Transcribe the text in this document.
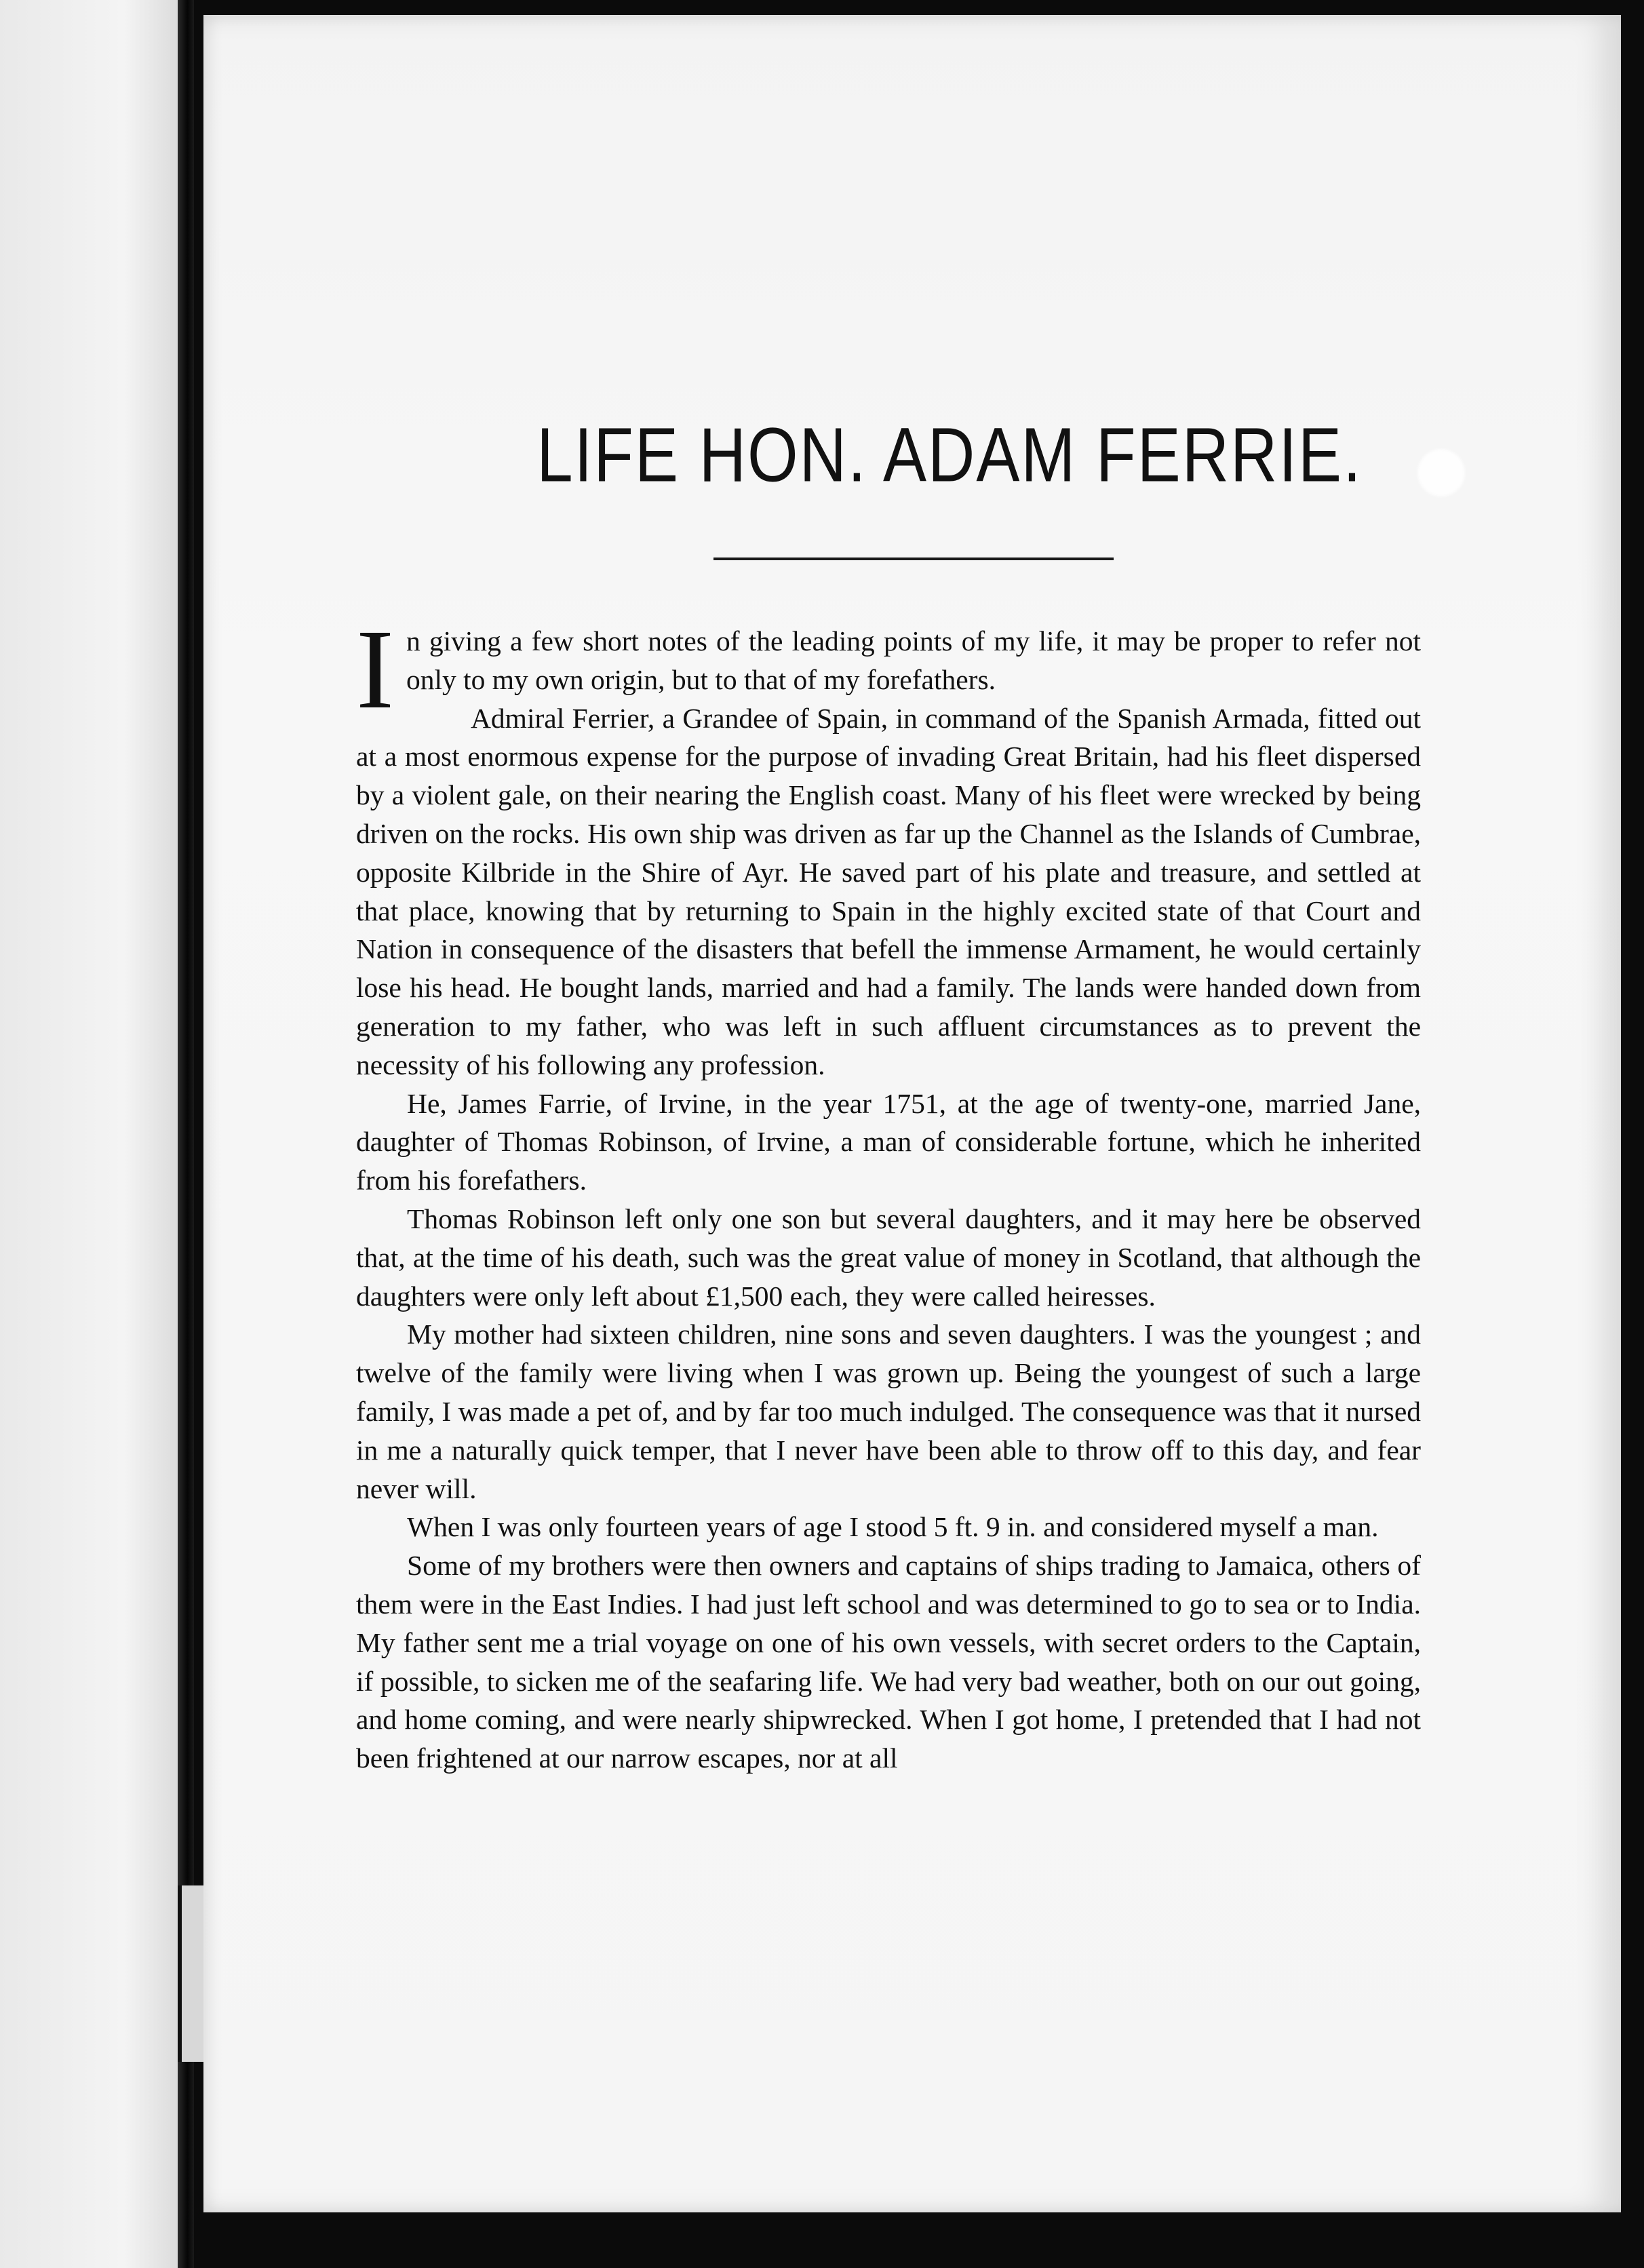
LIFE HON. ADAM FERRIE.

In giving a few short notes of the leading points of my life, it may be proper to refer not only to my own origin, but to that of my forefathers.

Admiral Ferrier, a Grandee of Spain, in command of the Spanish Armada, fitted out at a most enormous expense for the purpose of invading Great Britain, had his fleet dispersed by a violent gale, on their nearing the English coast. Many of his fleet were wrecked by being driven on the rocks. His own ship was driven as far up the Channel as the Islands of Cumbrae, opposite Kilbride in the Shire of Ayr. He saved part of his plate and treasure, and settled at that place, knowing that by returning to Spain in the highly excited state of that Court and Nation in consequence of the disasters that befell the immense Armament, he would certainly lose his head. He bought lands, married and had a family. The lands were handed down from generation to my father, who was left in such affluent circumstances as to prevent the necessity of his following any profession.

He, James Farrie, of Irvine, in the year 1751, at the age of twenty-one, married Jane, daughter of Thomas Robinson, of Irvine, a man of considerable fortune, which he inherited from his forefathers.

Thomas Robinson left only one son but several daughters, and it may here be observed that, at the time of his death, such was the great value of money in Scotland, that although the daughters were only left about £1,500 each, they were called heiresses.

My mother had sixteen children, nine sons and seven daughters. I was the youngest ; and twelve of the family were living when I was grown up. Being the youngest of such a large family, I was made a pet of, and by far too much indulged. The consequence was that it nursed in me a naturally quick temper, that I never have been able to throw off to this day, and fear never will.

When I was only fourteen years of age I stood 5 ft. 9 in. and considered myself a man.

Some of my brothers were then owners and captains of ships trading to Jamaica, others of them were in the East Indies. I had just left school and was determined to go to sea or to India. My father sent me a trial voyage on one of his own vessels, with secret orders to the Captain, if possible, to sicken me of the seafaring life. We had very bad weather, both on our out going, and home coming, and were nearly shipwrecked. When I got home, I pretended that I had not been frightened at our narrow escapes, nor at all
